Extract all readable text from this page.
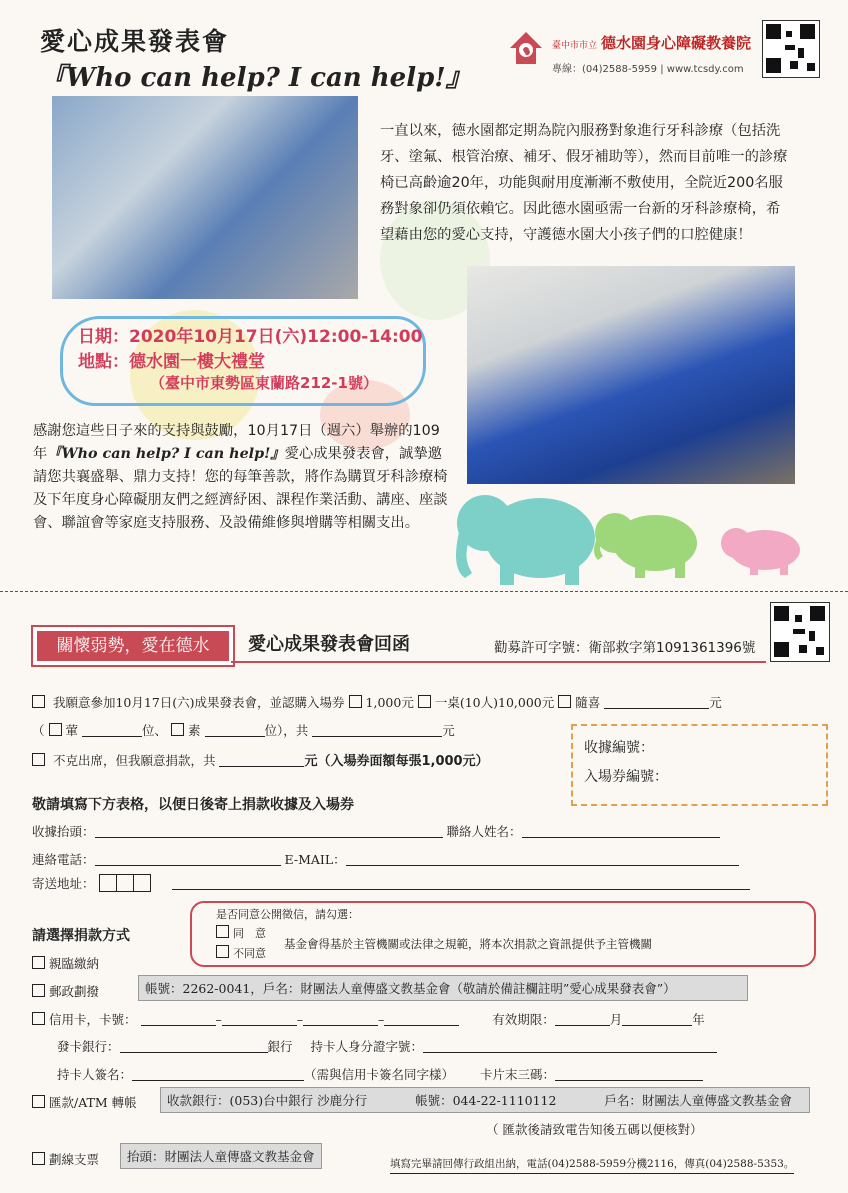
愛心成果發表會
『Who can help? I can help!』
臺中市市立 德水園身心障礙教養院
專線：(04)2588-5959 | www.tcsdy.com
一直以來，德水園都定期為院內服務對象進行牙科診療（包括洗牙、塗氟、根管治療、補牙、假牙補助等），然而目前唯一的診療椅已高齡逾20年，功能與耐用度漸漸不敷使用，全院近200名服務對象卻仍須依賴它。因此德水園亟需一台新的牙科診療椅，希望藉由您的愛心支持，守護德水園大小孩子們的口腔健康！
日期：2020年10月17日(六)12:00-14:00
地點：德水園一樓大禮堂
（臺中市東勢區東蘭路212-1號）
感謝您這些日子來的支持與鼓勵，10月17日（週六）舉辦的109年『Who can help? I can help!』愛心成果發表會，誠摯邀請您共襄盛舉、鼎力支持！您的每筆善款，將作為購買牙科診療椅及下年度身心障礙朋友們之經濟紓困、課程作業活動、講座、座談會、聯誼會等家庭支持服務、及設備維修與增購等相關支出。
關懷弱勢，愛在德水	愛心成果發表會回函	勸募許可字號：衛部救字第1091361396號
我願意參加10月17日(六)成果發表會，並認購入場券 1,000元 一桌(10人)10,000元 隨喜	元
（ 葷	位、 素	位），共	元
不克出席，但我願意捐款，共	元（入場券面額每張1,000元）
收據編號：
入場券編號：
敬請填寫下方表格，以便日後寄上捐款收據及入場券
收據抬頭：	聯絡人姓名：
連絡電話：	E-MAIL：
寄送地址：
請選擇捐款方式
是否同意公開徵信，請勾選：
同　意
不同意
基金會得基於主管機關或法律之規範，將本次捐款之資訊提供予主管機關
親臨繳納
郵政劃撥	帳號：2262-0041，戶名：財團法人童傳盛文教基金會（敬請於備註欄註明”愛心成果發表會”）
信用卡，卡號：	–	–	–	有效期限：	月	年
發卡銀行：	銀行 持卡人身分證字號：
持卡人簽名：	（需與信用卡簽名同字樣） 卡片末三碼：
匯款/ATM 轉帳	收款銀行：(053)台中銀行 沙鹿分行	帳號：044-22-1110112	戶名：財團法人童傳盛文教基金會
（ 匯款後請致電告知後五碼以便核對）
劃線支票	抬頭：財團法人童傳盛文教基金會	填寫完畢請回傳行政組出納，電話(04)2588-5959分機2116，傳真(04)2588-5353。
